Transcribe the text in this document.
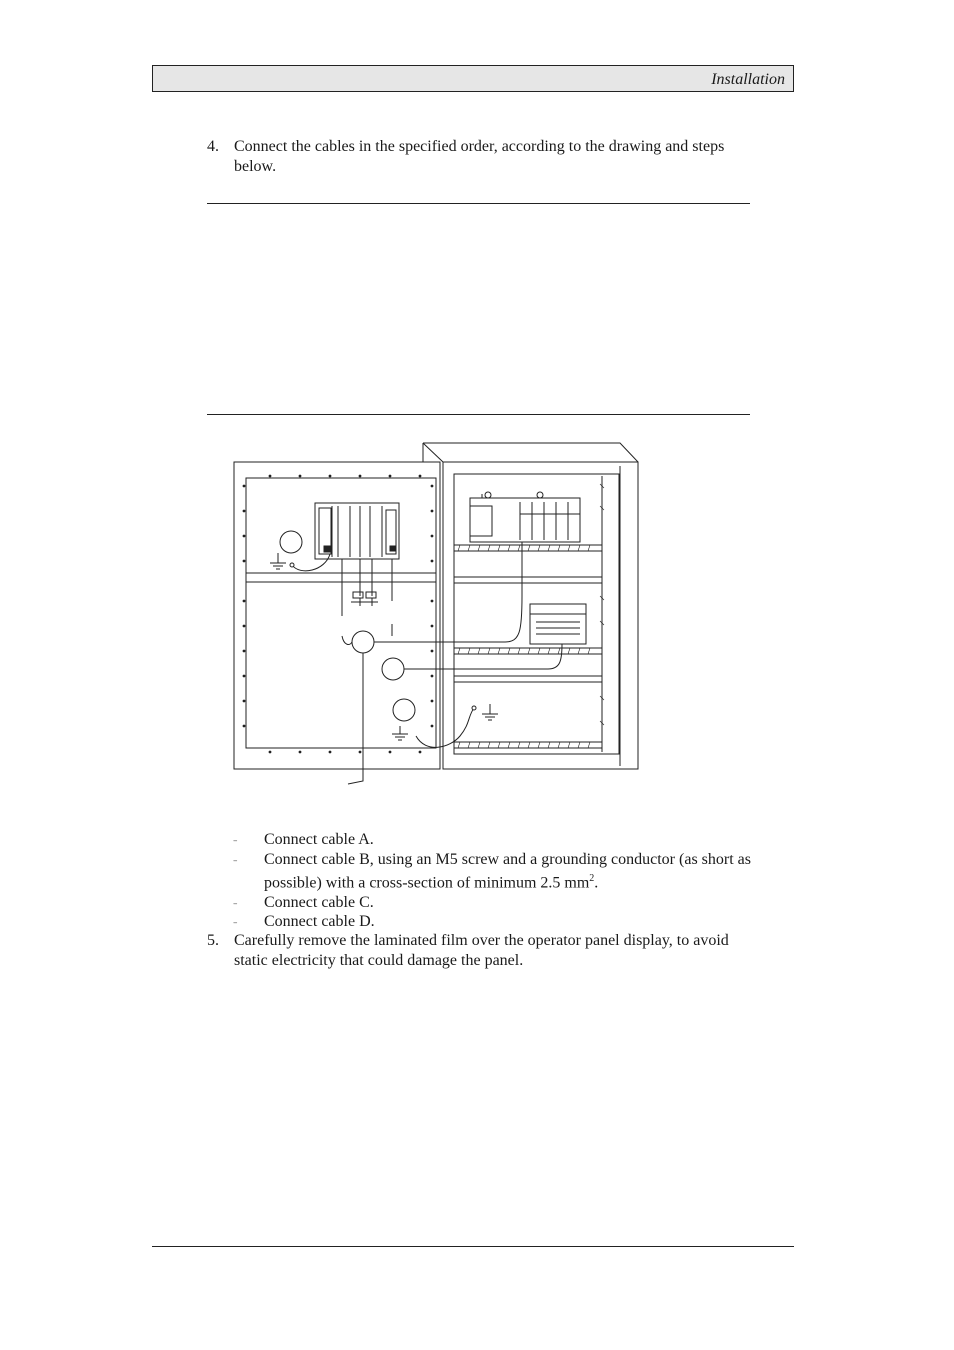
Installation
4. Connect the cables in the specified order, according to the drawing and steps below.
– Connect cable A.
– Connect cable B, using an M5 screw and a grounding conductor (as short as possible) with a cross-section of minimum 2.5 $mm^2$.
– Connect cable C.
– Connect cable D.
5. Carefully remove the laminated film over the operator panel display, to avoid static electricity that could damage the panel.
